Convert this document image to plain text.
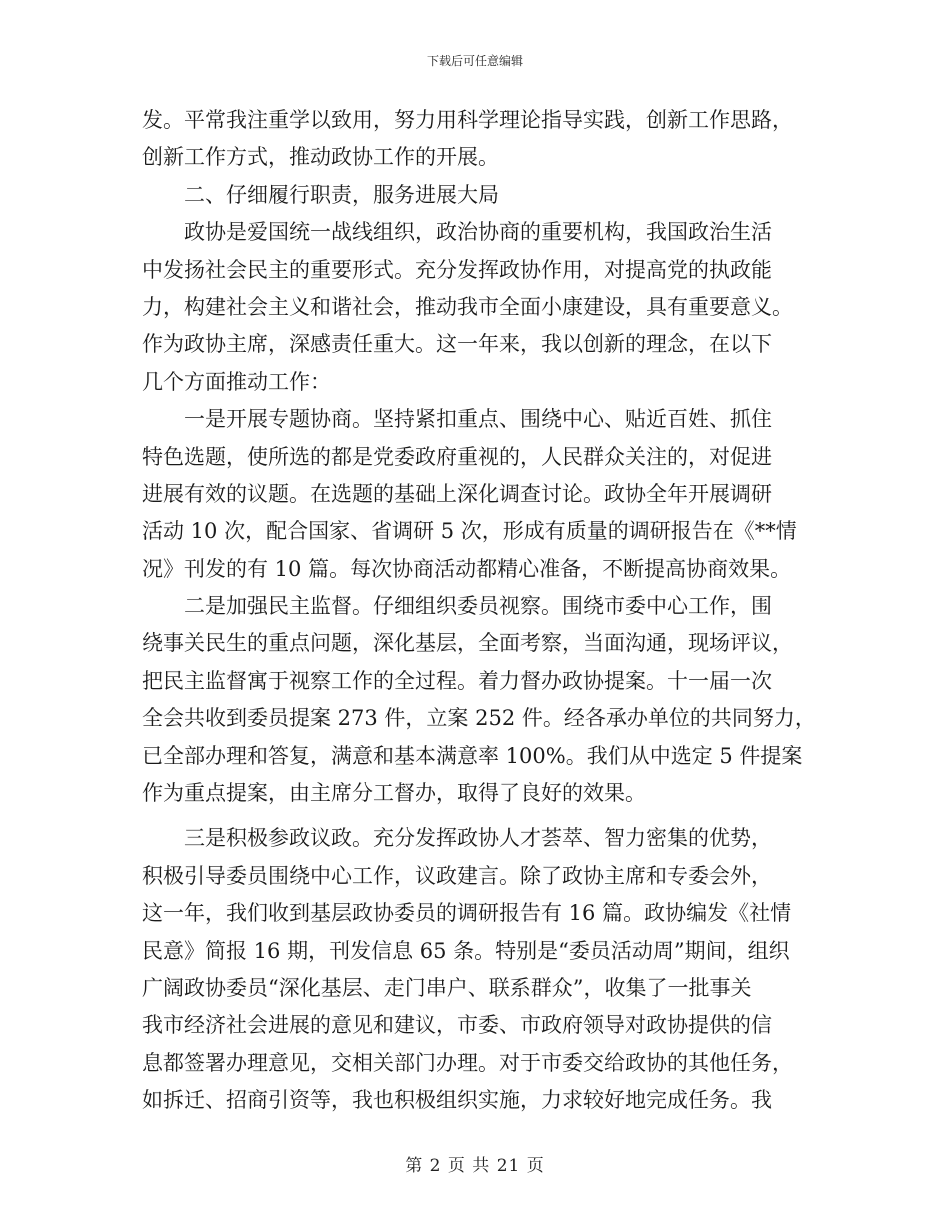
下载后可任意编辑
发。平常我注重学以致用，努力用科学理论指导实践，创新工作思路，
创新工作方式，推动政协工作的开展。
二、仔细履行职责，服务进展大局
政协是爱国统一战线组织，政治协商的重要机构，我国政治生活
中发扬社会民主的重要形式。充分发挥政协作用，对提高党的执政能
力，构建社会主义和谐社会，推动我市全面小康建设，具有重要意义。
作为政协主席，深感责任重大。这一年来，我以创新的理念，在以下
几个方面推动工作：
一是开展专题协商。坚持紧扣重点、围绕中心、贴近百姓、抓住
特色选题，使所选的都是党委政府重视的，人民群众关注的，对促进
进展有效的议题。在选题的基础上深化调查讨论。政协全年开展调研
活动 10 次，配合国家、省调研 5 次，形成有质量的调研报告在《**情
况》刊发的有 10 篇。每次协商活动都精心准备，不断提高协商效果。
二是加强民主监督。仔细组织委员视察。围绕市委中心工作，围
绕事关民生的重点问题，深化基层，全面考察，当面沟通，现场评议，
把民主监督寓于视察工作的全过程。着力督办政协提案。十一届一次
全会共收到委员提案 273 件，立案 252 件。经各承办单位的共同努力，
已全部办理和答复，满意和基本满意率 100%。我们从中选定 5 件提案
作为重点提案，由主席分工督办，取得了良好的效果。
三是积极参政议政。充分发挥政协人才荟萃、智力密集的优势，
积极引导委员围绕中心工作，议政建言。除了政协主席和专委会外，
这一年，我们收到基层政协委员的调研报告有 16 篇。政协编发《社情
民意》简报 16 期，刊发信息 65 条。特别是“委员活动周”期间，组织
广阔政协委员“深化基层、走门串户、联系群众”，收集了一批事关
我市经济社会进展的意见和建议，市委、市政府领导对政协提供的信
息都签署办理意见，交相关部门办理。对于市委交给政协的其他任务，
如拆迁、招商引资等，我也积极组织实施，力求较好地完成任务。我
第 2 页 共 21 页
